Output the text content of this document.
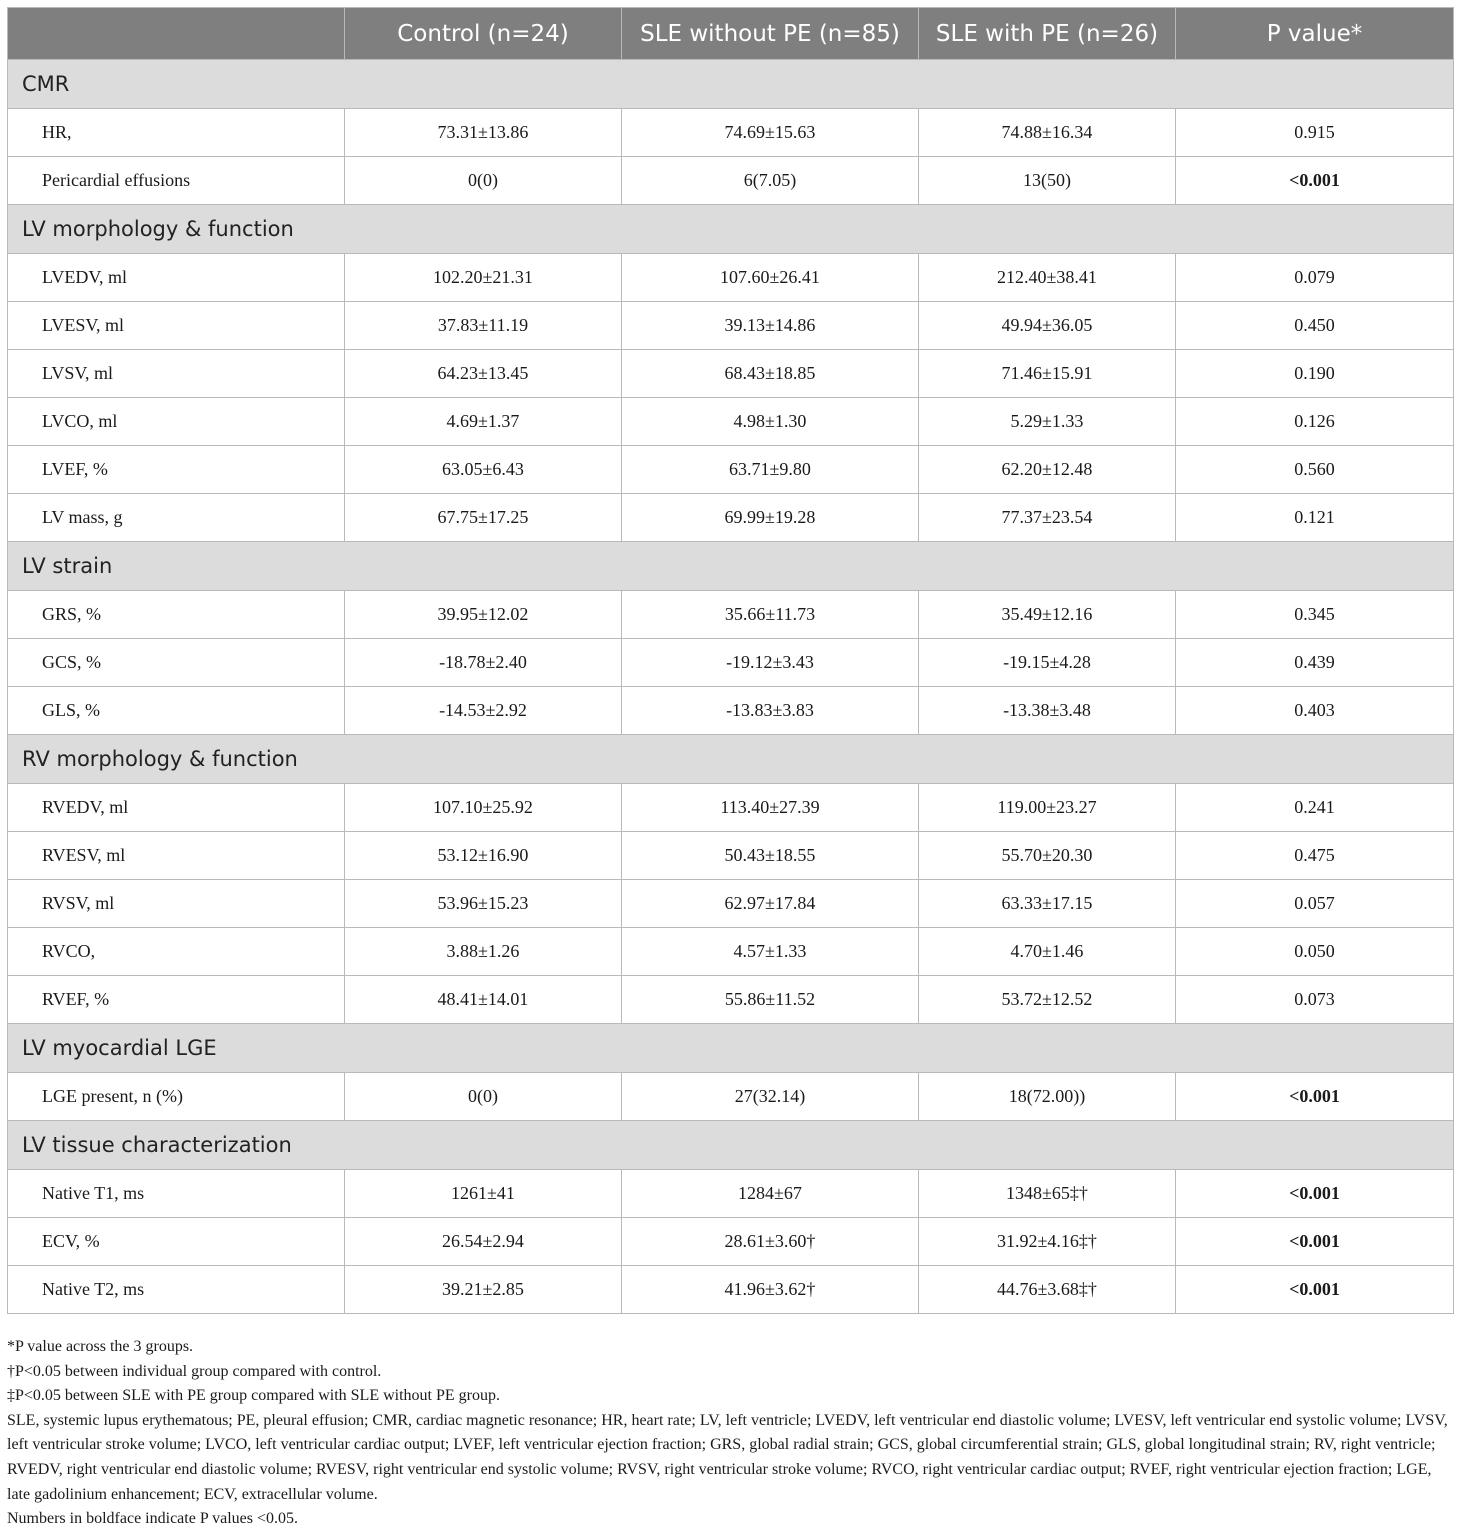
	Control (n=24)	SLE without PE (n=85)	SLE with PE (n=26)	P value*
CMR				
HR,	73.31±13.86	74.69±15.63	74.88±16.34	0.915
Pericardial effusions	0(0)	6(7.05)	13(50)	<0.001
LV morphology & function				
LVEDV, ml	102.20±21.31	107.60±26.41	212.40±38.41	0.079
LVESV, ml	37.83±11.19	39.13±14.86	49.94±36.05	0.450
LVSV, ml	64.23±13.45	68.43±18.85	71.46±15.91	0.190
LVCO, ml	4.69±1.37	4.98±1.30	5.29±1.33	0.126
LVEF, %	63.05±6.43	63.71±9.80	62.20±12.48	0.560
LV mass, g	67.75±17.25	69.99±19.28	77.37±23.54	0.121
LV strain				
GRS, %	39.95±12.02	35.66±11.73	35.49±12.16	0.345
GCS, %	-18.78±2.40	-19.12±3.43	-19.15±4.28	0.439
GLS, %	-14.53±2.92	-13.83±3.83	-13.38±3.48	0.403
RV morphology & function				
RVEDV, ml	107.10±25.92	113.40±27.39	119.00±23.27	0.241
RVESV, ml	53.12±16.90	50.43±18.55	55.70±20.30	0.475
RVSV, ml	53.96±15.23	62.97±17.84	63.33±17.15	0.057
RVCO,	3.88±1.26	4.57±1.33	4.70±1.46	0.050
RVEF, %	48.41±14.01	55.86±11.52	53.72±12.52	0.073
LV myocardial LGE				
LGE present, n (%)	0(0)	27(32.14)	18(72.00))	<0.001
LV tissue characterization				
Native T1, ms	1261±41	1284±67	1348±65‡†	<0.001
ECV, %	26.54±2.94	28.61±3.60†	31.92±4.16‡†	<0.001
Native T2, ms	39.21±2.85	41.96±3.62†	44.76±3.68‡†	<0.001

*P value across the 3 groups.

†P<0.05 between individual group compared with control.

‡P<0.05 between SLE with PE group compared with SLE without PE group.

SLE, systemic lupus erythematous; PE, pleural effusion; CMR, cardiac magnetic resonance; HR, heart rate; LV, left ventricle; LVEDV, left ventricular end diastolic volume; LVESV, left ventricular end systolic volume; LVSV, left ventricular stroke volume; LVCO, left ventricular cardiac output; LVEF, left ventricular ejection fraction; GRS, global radial strain; GCS, global circumferential strain; GLS, global longitudinal strain; RV, right ventricle; RVEDV, right ventricular end diastolic volume; RVESV, right ventricular end systolic volume; RVSV, right ventricular stroke volume; RVCO, right ventricular cardiac output; RVEF, right ventricular ejection fraction; LGE, late gadolinium enhancement; ECV, extracellular volume.

Numbers in boldface indicate P values <0.05.
